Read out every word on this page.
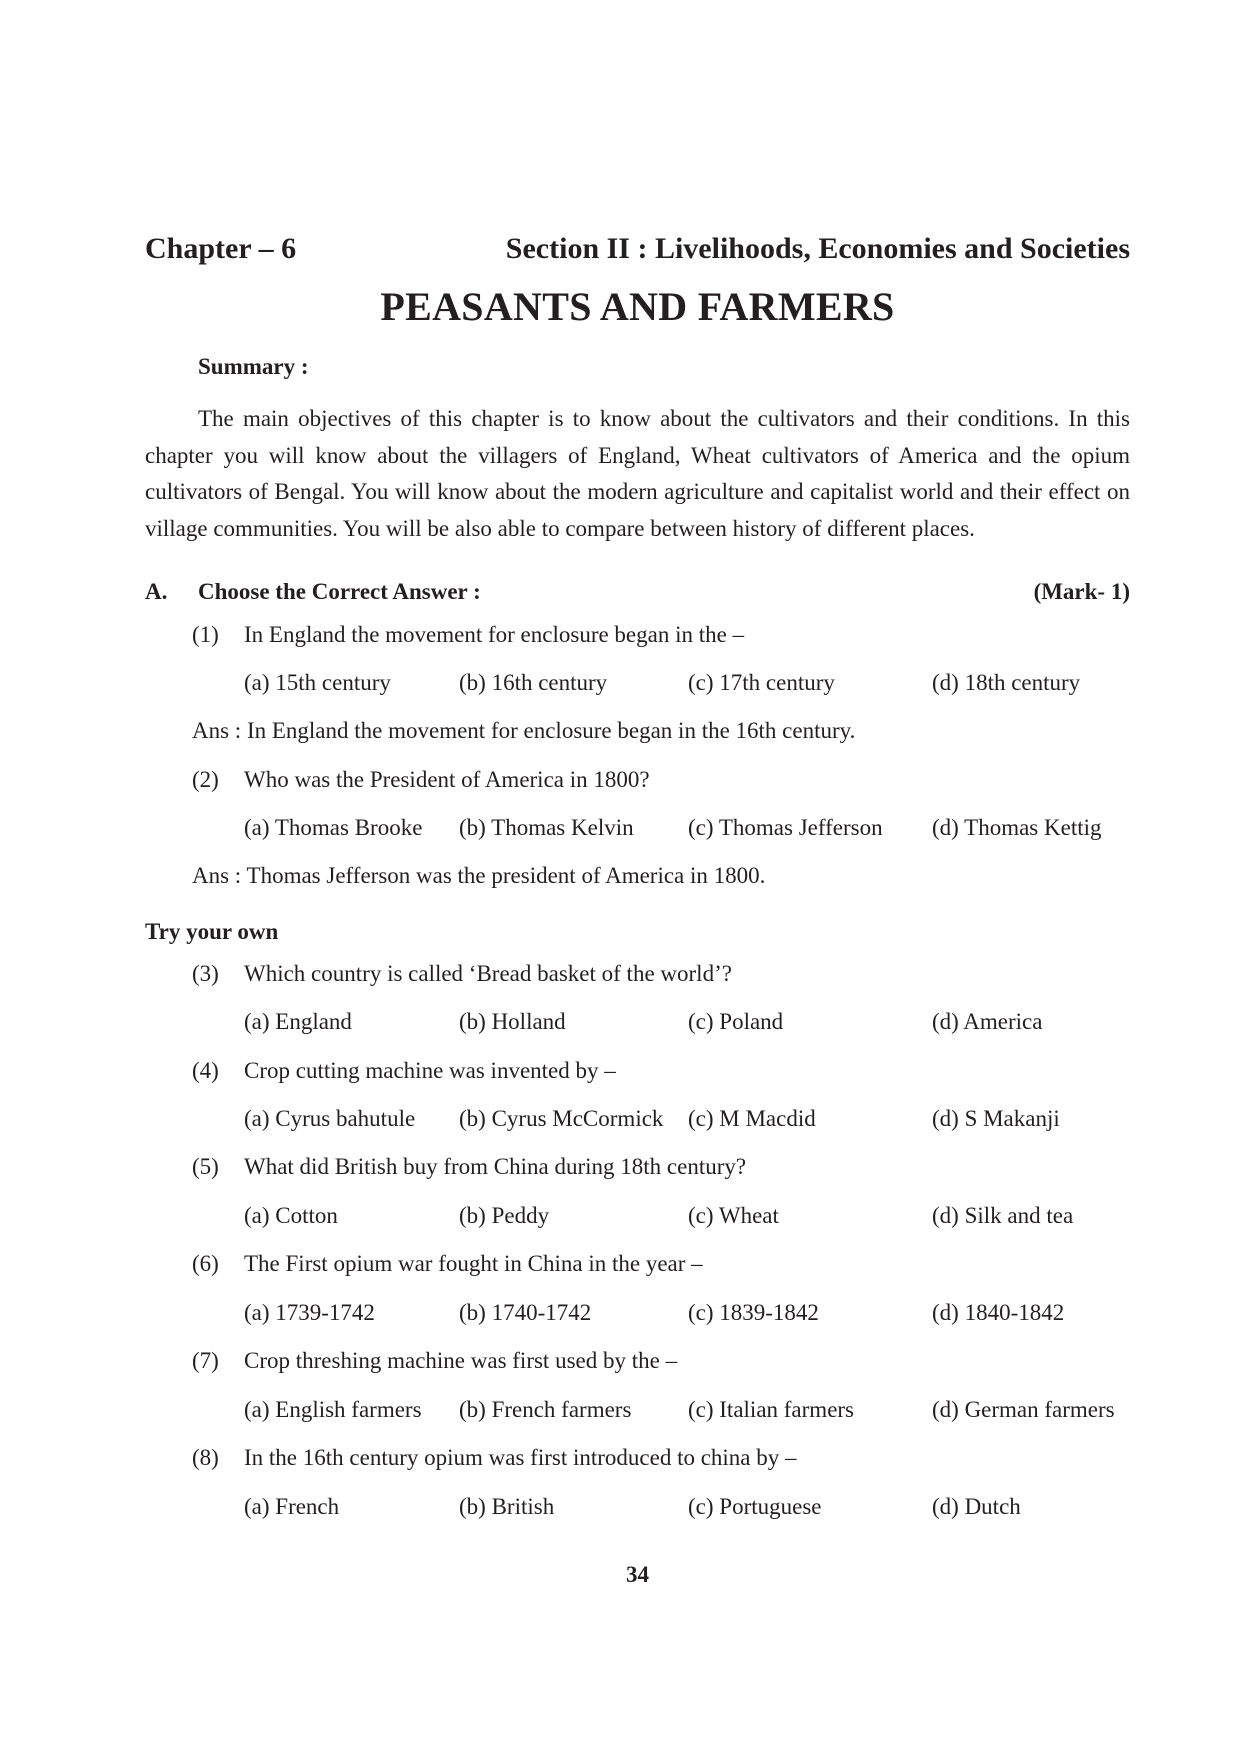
Chapter – 6	Section II : Livelihoods, Economies and Societies
PEASANTS AND FARMERS
Summary :

The main objectives of this chapter is to know about the cultivators and their conditions. In this chapter you will know about the villagers of England, Wheat cultivators of America and the opium cultivators of Bengal. You will know about the modern agriculture and capitalist world and their effect on village communities. You will be also able to compare between history of different places.

A. Choose the Correct Answer :	(Mark- 1)
(1) In England the movement for enclosure began in the –
(a) 15th century	(b) 16th century	(c) 17th century	(d) 18th century
Ans : In England the movement for enclosure began in the 16th century.
(2) Who was the President of America in 1800?
(a) Thomas Brooke (b) Thomas Kelvin (c) Thomas Jefferson (d) Thomas Kettig
Ans : Thomas Jefferson was the president of America in 1800.
Try your own
(3) Which country is called ‘Bread basket of the world’?
(a) England	(b) Holland	(c) Poland	(d) America
(4) Crop cutting machine was invented by –
(a) Cyrus bahutule (b) Cyrus McCormick (c) M Macdid	(d) S Makanji
(5) What did British buy from China during 18th century?
(a) Cotton	(b) Peddy	(c) Wheat	(d) Silk and tea
(6) The First opium war fought in China in the year –
(a) 1739-1742	(b) 1740-1742	(c) 1839-1842	(d) 1840-1842
(7) Crop threshing machine was first used by the –
(a) English farmers (b) French farmers (c) Italian farmers	(d) German farmers
(8) In the 16th century opium was first introduced to china by –
(a) French	(b) British	(c) Portuguese	(d) Dutch
34
